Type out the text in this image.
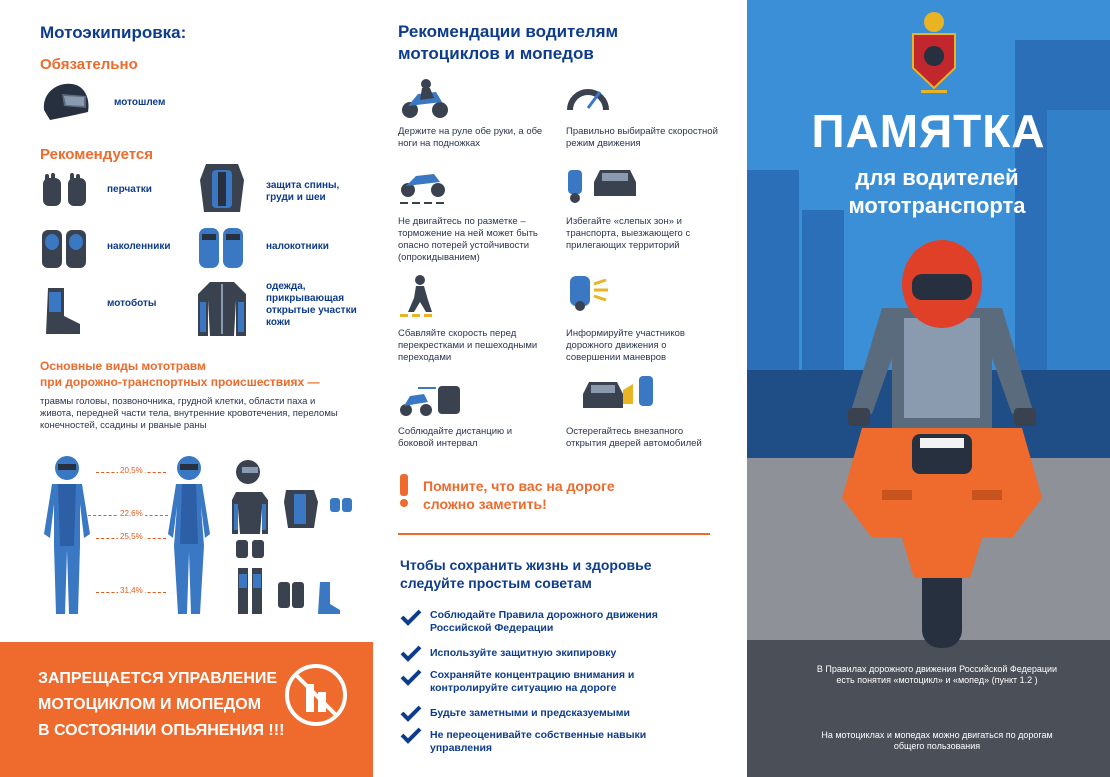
Мотоэкипировка:
Обязательно
мотошлем
Рекомендуется
перчатки	защита спины, груди и шеи
наколенники	налокотники
мотоботы
одежда, прикрывающая открытые участки кожи
Основные виды мототравм
при дорожно-транспортных происшествиях —
травмы головы, позвоночника, грудной клетки, области паха и живота, передней части тела, внутренние кровотечения, переломы конечностей, ссадины и рваные раны
20,5%
22,6%
25,5%
31,4%
ЗАПРЕЩАЕТСЯ УПРАВЛЕНИЕ
МОТОЦИКЛОМ И МОПЕДОМ
В СОСТОЯНИИ ОПЬЯНЕНИЯ !!!
Рекомендации водителям
мотоциклов и мопедов
Держите на руле обе руки, а обе ноги на подножках
Правильно выбирайте скоростной режим движения
Не двигайтесь по разметке – торможение на ней может быть опасно потерей устойчивости (опрокидыванием)
Избегайте «слепых зон» и транспорта, выезжающего с прилегающих территорий
Сбавляйте скорость перед перекрестками и пешеходными переходами
Информируйте участников дорожного движения о совершении маневров
Соблюдайте дистанцию и боковой интервал
Остерегайтесь внезапного открытия дверей автомобилей
Помните, что вас на дороге
сложно заметить!
Чтобы сохранить жизнь и здоровье
следуйте простым советам
Соблюдайте Правила дорожного движения Российской Федерации
Используйте защитную экипировку
Сохраняйте концентрацию внимания и контролируйте ситуацию на дороге
Будьте заметными и предсказуемыми
Не переоценивайте собственные навыки управления
ПАМЯТКА
для водителей
мототранспорта
В Правилах дорожного движения Российской Федерации есть понятия «мотоцикл» и «мопед» (пункт 1.2 )
На мотоциклах и мопедах можно двигаться по дорогам общего пользования
